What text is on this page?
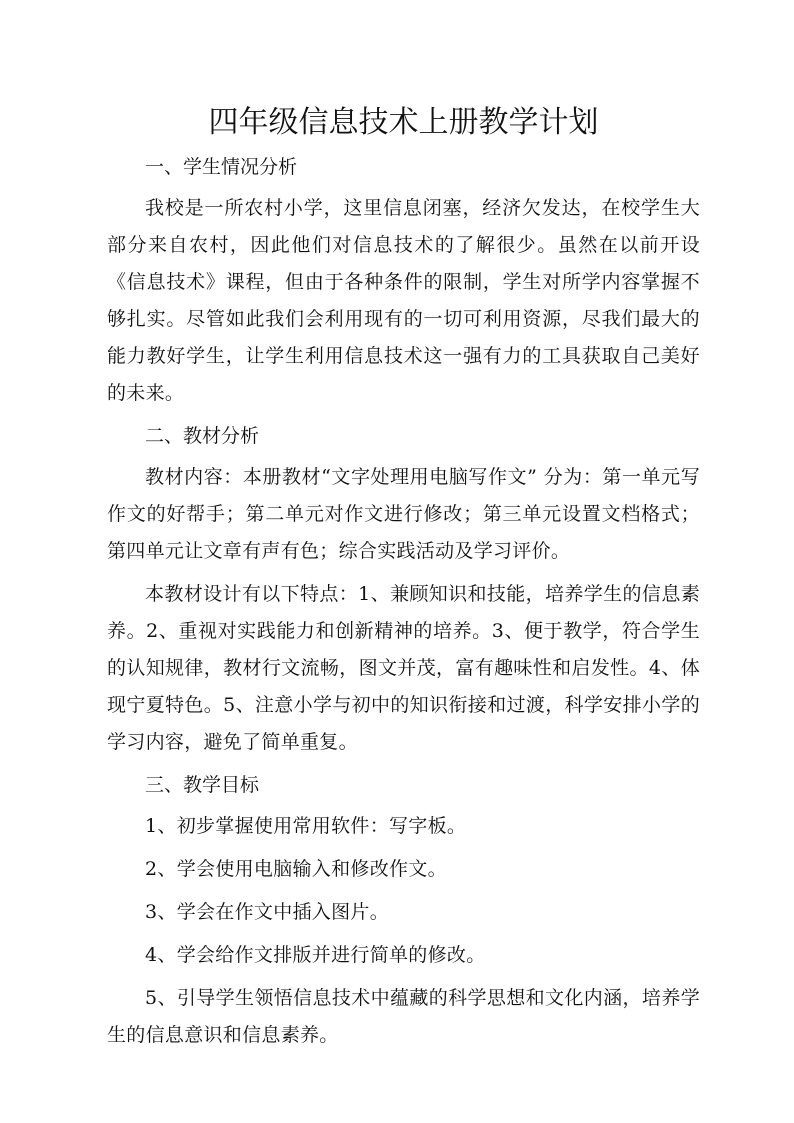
四年级信息技术上册教学计划

一、学生情况分析

我校是一所农村小学，这里信息闭塞，经济欠发达，在校学生大部分来自农村，因此他们对信息技术的了解很少。虽然在以前开设《信息技术》课程，但由于各种条件的限制，学生对所学内容掌握不够扎实。尽管如此我们会利用现有的一切可利用资源，尽我们最大的能力教好学生，让学生利用信息技术这一强有力的工具获取自己美好的未来。

二、教材分析

教材内容：本册教材“文字处理用电脑写作文” 分为：第一单元写作文的好帮手；第二单元对作文进行修改；第三单元设置文档格式；第四单元让文章有声有色；综合实践活动及学习评价。

本教材设计有以下特点：1、兼顾知识和技能，培养学生的信息素养。2、重视对实践能力和创新精神的培养。3、便于教学，符合学生的认知规律，教材行文流畅，图文并茂，富有趣味性和启发性。4、体现宁夏特色。5、注意小学与初中的知识衔接和过渡，科学安排小学的学习内容，避免了简单重复。

三、教学目标

1、初步掌握使用常用软件：写字板。

2、学会使用电脑输入和修改作文。

3、学会在作文中插入图片。

4、学会给作文排版并进行简单的修改。

5、引导学生领悟信息技术中蕴藏的科学思想和文化内涵，培养学生的信息意识和信息素养。
